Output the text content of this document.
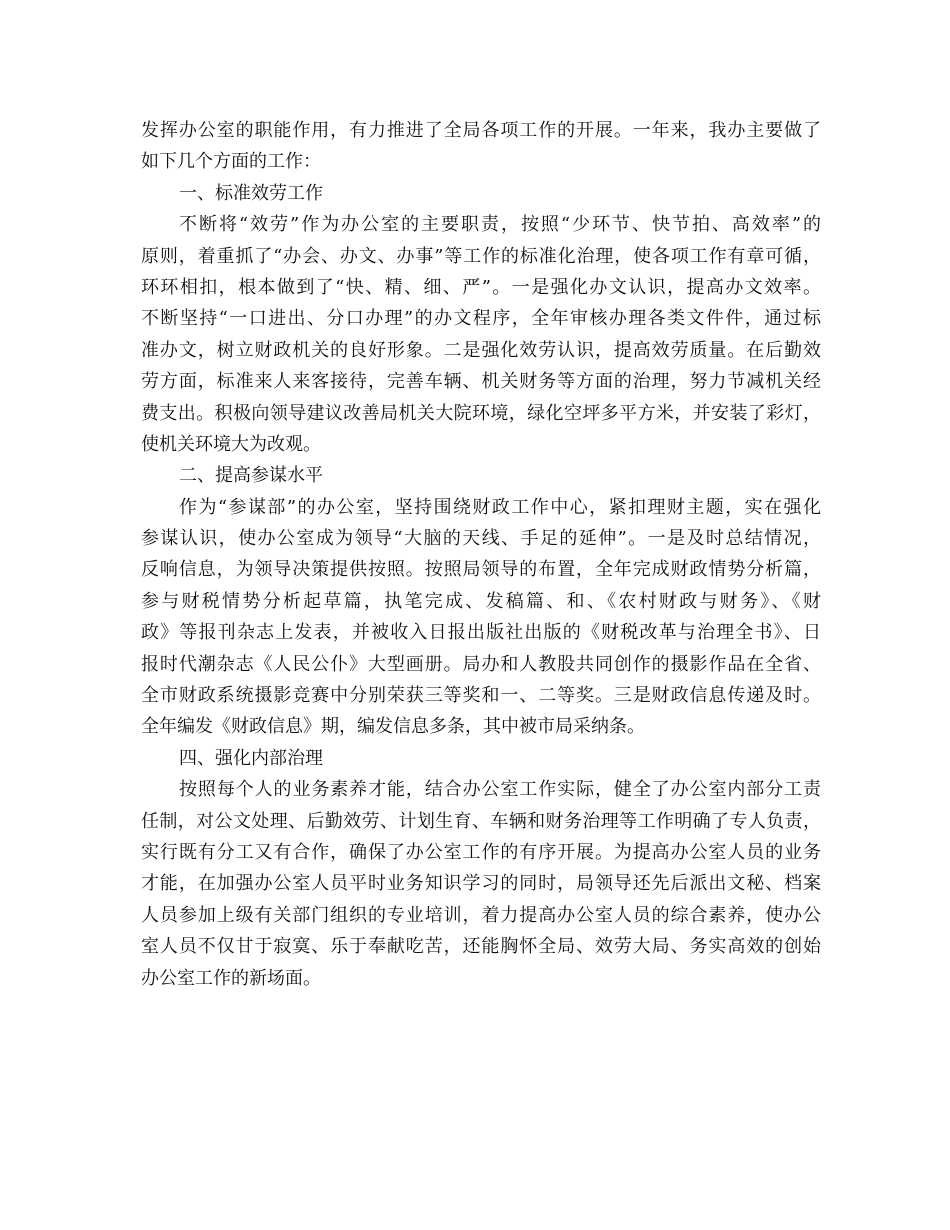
发挥办公室的职能作用，有力推进了全局各项工作的开展。一年来，我办主要做了
如下几个方面的工作：
一、标准效劳工作
不断将“效劳”作为办公室的主要职责，按照“少环节、快节拍、高效率”的
原则，着重抓了“办会、办文、办事”等工作的标准化治理，使各项工作有章可循，
环环相扣，根本做到了“快、精、细、严”。一是强化办文认识，提高办文效率。
不断坚持“一口进出、分口办理”的办文程序，全年审核办理各类文件件，通过标
准办文，树立财政机关的良好形象。二是强化效劳认识，提高效劳质量。在后勤效
劳方面，标准来人来客接待，完善车辆、机关财务等方面的治理，努力节减机关经
费支出。积极向领导建议改善局机关大院环境，绿化空坪多平方米，并安装了彩灯，
使机关环境大为改观。
二、提高参谋水平
作为“参谋部”的办公室，坚持围绕财政工作中心，紧扣理财主题，实在强化
参谋认识，使办公室成为领导“大脑的天线、手足的延伸”。一是及时总结情况，
反响信息，为领导决策提供按照。按照局领导的布置，全年完成财政情势分析篇，
参与财税情势分析起草篇，执笔完成、发稿篇、和、《农村财政与财务》、《财
政》等报刊杂志上发表，并被收入日报出版社出版的《财税改革与治理全书》、日
报时代潮杂志《人民公仆》大型画册。局办和人教股共同创作的摄影作品在全省、
全市财政系统摄影竞赛中分别荣获三等奖和一、二等奖。三是财政信息传递及时。
全年编发《财政信息》期，编发信息多条，其中被市局采纳条。
四、强化内部治理
按照每个人的业务素养才能，结合办公室工作实际，健全了办公室内部分工责
任制，对公文处理、后勤效劳、计划生育、车辆和财务治理等工作明确了专人负责，
实行既有分工又有合作，确保了办公室工作的有序开展。为提高办公室人员的业务
才能，在加强办公室人员平时业务知识学习的同时，局领导还先后派出文秘、档案
人员参加上级有关部门组织的专业培训，着力提高办公室人员的综合素养，使办公
室人员不仅甘于寂寞、乐于奉献吃苦，还能胸怀全局、效劳大局、务实高效的创始
办公室工作的新场面。
